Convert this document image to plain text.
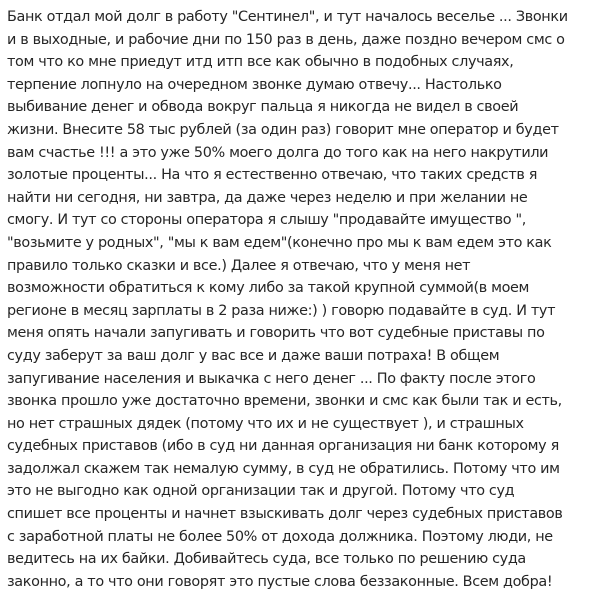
Банк отдал мой долг в работу "Сентинел", и тут началось веселье ... Звонки
и в выходные, и рабочие дни по 150 раз в день, даже поздно вечером смс о
том что ко мне приедут итд итп все как обычно в подобных случаях,
терпение лопнуло на очередном звонке думаю отвечу... Настолько
выбивание денег и обвода вокруг пальца я никогда не видел в своей
жизни. Внесите 58 тыс рублей (за один раз) говорит мне оператор и будет
вам счастье !!! а это уже 50% моего долга до того как на него накрутили
золотые проценты... На что я естественно отвечаю, что таких средств я
найти ни сегодня, ни завтра, да даже через неделю и при желании не
смогу. И тут со стороны оператора я слышу "продавайте имущество ",
"возьмите у родных", "мы к вам едем"(конечно про мы к вам едем это как
правило только сказки и все.) Далее я отвечаю, что у меня нет
возможности обратиться к кому либо за такой крупной суммой(в моем
регионе в месяц зарплаты в 2 раза ниже:) ) говорю подавайте в суд. И тут
меня опять начали запугивать и говорить что вот судебные приставы по
суду заберут за ваш долг у вас все и даже ваши потраха! В общем
запугивание населения и выкачка с него денег ... По факту после этого
звонка прошло уже достаточно времени, звонки и смс как были так и есть,
но нет страшных дядек (потому что их и не существует ), и страшных
судебных приставов (ибо в суд ни данная организация ни банк которому я
задолжал скажем так немалую сумму, в суд не обратились. Потому что им
это не выгодно как одной организации так и другой. Потому что суд
спишет все проценты и начнет взыскивать долг через судебных приставов
с заработной платы не более 50% от дохода должника. Поэтому люди, не
ведитесь на их байки. Добивайтесь суда, все только по решению суда
законно, а то что они говорят это пустые слова беззаконные. Всем добра!
